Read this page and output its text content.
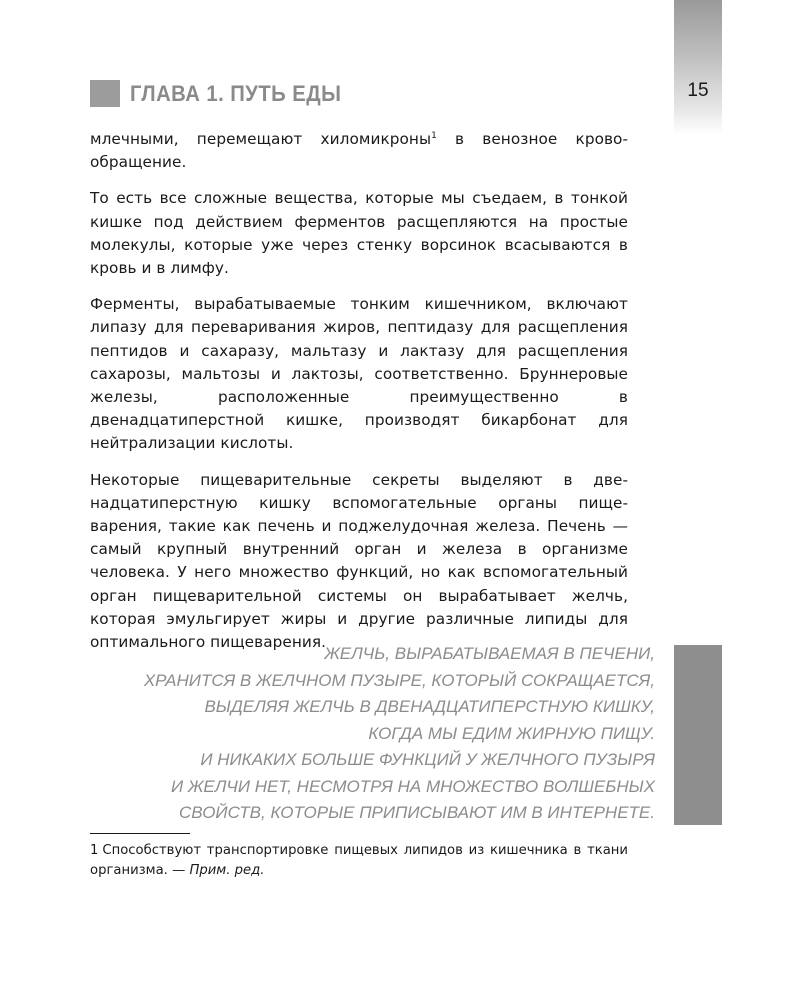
15
ГЛАВА 1. ПУТЬ ЕДЫ

млечными, перемещают хиломикроны$^1$ в венозное кровообращение.

То есть все сложные вещества, которые мы съедаем, в тонкой кишке под действием ферментов расщепляются на простые молекулы, которые уже через стенку ворсинок всасываются в кровь и в лимфу.

Ферменты, вырабатываемые тонким кишечником, включают липазу для переваривания жиров, пептидазу для расщепления пептидов и сахаразу, мальтазу и лактазу для расщепления сахарозы, мальтозы и лактозы, соответственно. Бруннеровые железы, расположенные преимущественно в двенадцатиперстной кишке, производят бикарбонат для нейтрализации кислоты.

Некоторые пищеварительные секреты выделяют в двенадцатиперстную кишку вспомогательные органы пищеварения, такие как печень и поджелудочная железа. Печень — самый крупный внутренний орган и железа в организме человека. У него множество функций, но как вспомогательный орган пищеварительной системы он вырабатывает желчь, которая эмульгирует жиры и другие различные липиды для оптимального пищеварения.

ЖЕЛЧЬ, ВЫРАБАТЫВАЕМАЯ В ПЕЧЕНИ,
ХРАНИТСЯ В ЖЕЛЧНОМ ПУЗЫРЕ, КОТОРЫЙ СОКРАЩАЕТСЯ,
ВЫДЕЛЯЯ ЖЕЛЧЬ В ДВЕНАДЦАТИПЕРСТНУЮ КИШКУ,
КОГДА МЫ ЕДИМ ЖИРНУЮ ПИЩУ.
И НИКАКИХ БОЛЬШЕ ФУНКЦИЙ У ЖЕЛЧНОГО ПУЗЫРЯ
И ЖЕЛЧИ НЕТ, НЕСМОТРЯ НА МНОЖЕСТВО ВОЛШЕБНЫХ
СВОЙСТВ, КОТОРЫЕ ПРИПИСЫВАЮТ ИМ В ИНТЕРНЕТЕ.
1 Способствуют транспортировке пищевых липидов из кишечника в ткани организма. — Прим. ред.
